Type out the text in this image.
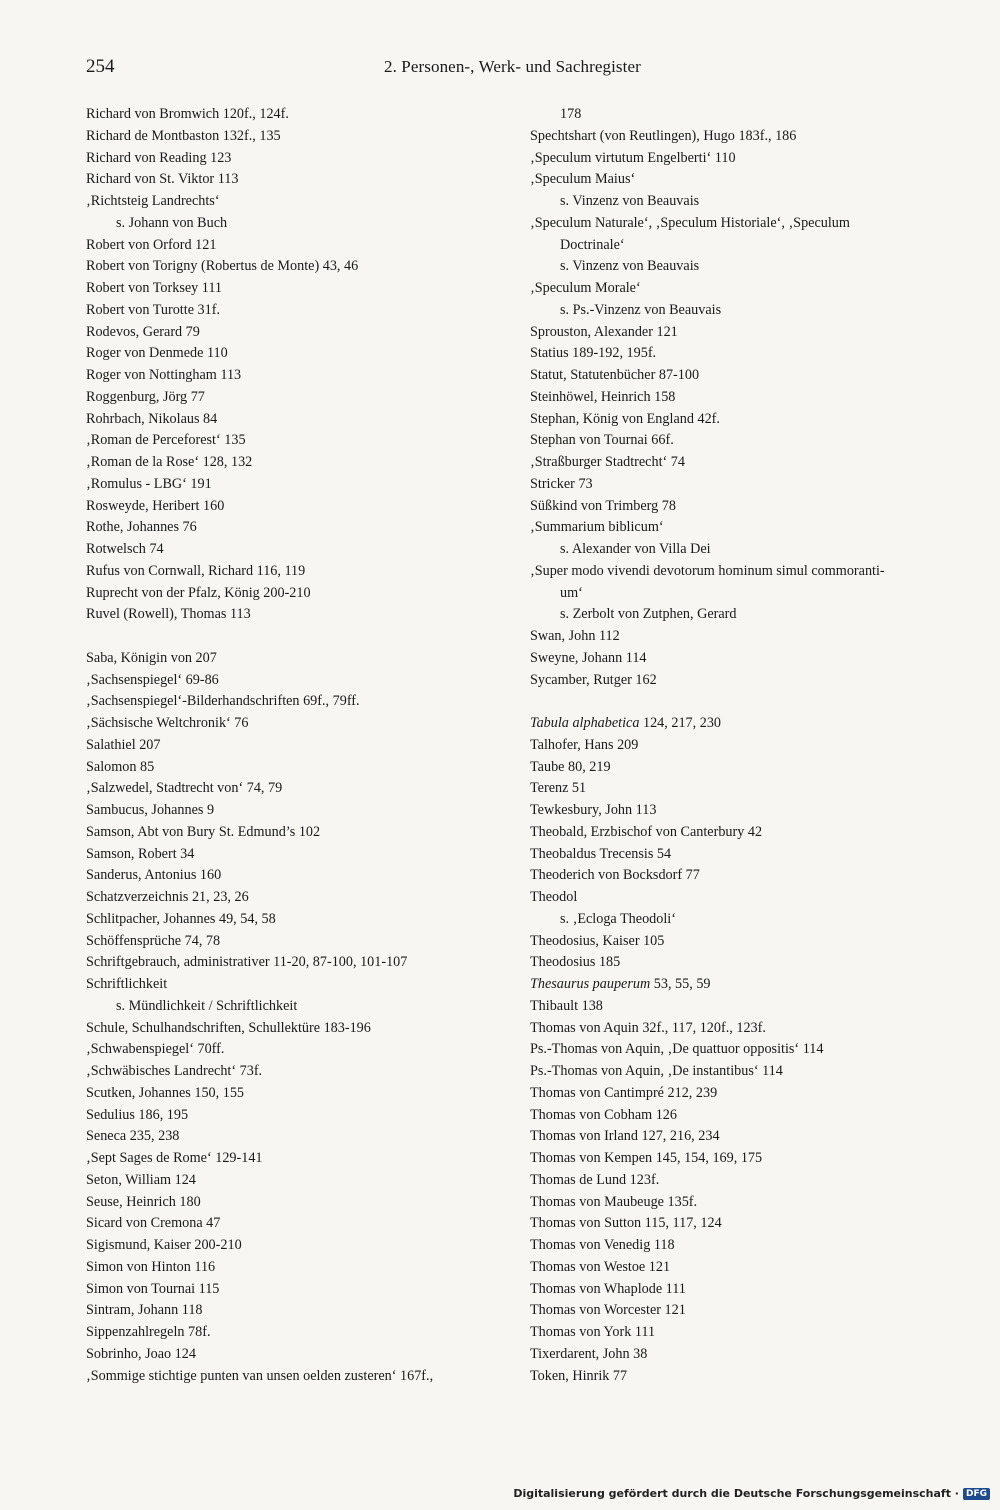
254	2. Personen-, Werk- und Sachregister
Richard von Bromwich 120f., 124f.
Richard de Montbaston 132f., 135
Richard von Reading 123
Richard von St. Viktor 113
‚Richtsteig Landrechts‘
s. Johann von Buch
Robert von Orford 121
Robert von Torigny (Robertus de Monte) 43, 46
Robert von Torksey 111
Robert von Turotte 31f.
Rodevos, Gerard 79
Roger von Denmede 110
Roger von Nottingham 113
Roggenburg, Jörg 77
Rohrbach, Nikolaus 84
‚Roman de Perceforest‘ 135
‚Roman de la Rose‘ 128, 132
‚Romulus - LBG‘ 191
Rosweyde, Heribert 160
Rothe, Johannes 76
Rotwelsch 74
Rufus von Cornwall, Richard 116, 119
Ruprecht von der Pfalz, König 200-210
Ruvel (Rowell), Thomas 113
Saba, Königin von 207
‚Sachsenspiegel‘ 69-86
‚Sachsenspiegel‘-Bilderhandschriften 69f., 79ff.
‚Sächsische Weltchronik‘ 76
Salathiel 207
Salomon 85
‚Salzwedel, Stadtrecht von‘ 74, 79
Sambucus, Johannes 9
Samson, Abt von Bury St. Edmund’s 102
Samson, Robert 34
Sanderus, Antonius 160
Schatzverzeichnis 21, 23, 26
Schlitpacher, Johannes 49, 54, 58
Schöffensprüche 74, 78
Schriftgebrauch, administrativer 11-20, 87-100, 101-107
Schriftlichkeit
s. Mündlichkeit / Schriftlichkeit
Schule, Schulhandschriften, Schullektüre 183-196
‚Schwabenspiegel‘ 70ff.
‚Schwäbisches Landrecht‘ 73f.
Scutken, Johannes 150, 155
Sedulius 186, 195
Seneca 235, 238
‚Sept Sages de Rome‘ 129-141
Seton, William 124
Seuse, Heinrich 180
Sicard von Cremona 47
Sigismund, Kaiser 200-210
Simon von Hinton 116
Simon von Tournai 115
Sintram, Johann 118
Sippenzahlregeln 78f.
Sobrinho, Joao 124
‚Sommige stichtige punten van unsen oelden zusteren‘ 167f.,
178
Spechtshart (von Reutlingen), Hugo 183f., 186
‚Speculum virtutum Engelberti‘ 110
‚Speculum Maius‘
s. Vinzenz von Beauvais
‚Speculum Naturale‘, ‚Speculum Historiale‘, ‚Speculum
Doctrinale‘
s. Vinzenz von Beauvais
‚Speculum Morale‘
s. Ps.-Vinzenz von Beauvais
Sprouston, Alexander 121
Statius 189-192, 195f.
Statut, Statutenbücher 87-100
Steinhöwel, Heinrich 158
Stephan, König von England 42f.
Stephan von Tournai 66f.
‚Straßburger Stadtrecht‘ 74
Stricker 73
Süßkind von Trimberg 78
‚Summarium biblicum‘
s. Alexander von Villa Dei
‚Super modo vivendi devotorum hominum simul commoranti-
um‘
s. Zerbolt von Zutphen, Gerard
Swan, John 112
Sweyne, Johann 114
Sycamber, Rutger 162
Tabula alphabetica 124, 217, 230
Talhofer, Hans 209
Taube 80, 219
Terenz 51
Tewkesbury, John 113
Theobald, Erzbischof von Canterbury 42
Theobaldus Trecensis 54
Theoderich von Bocksdorf 77
Theodol
s. ‚Ecloga Theodoli‘
Theodosius, Kaiser 105
Theodosius 185
Thesaurus pauperum 53, 55, 59
Thibault 138
Thomas von Aquin 32f., 117, 120f., 123f.
Ps.-Thomas von Aquin, ‚De quattuor oppositis‘ 114
Ps.-Thomas von Aquin, ‚De instantibus‘ 114
Thomas von Cantimpré 212, 239
Thomas von Cobham 126
Thomas von Irland 127, 216, 234
Thomas von Kempen 145, 154, 169, 175
Thomas de Lund 123f.
Thomas von Maubeuge 135f.
Thomas von Sutton 115, 117, 124
Thomas von Venedig 118
Thomas von Westoe 121
Thomas von Whaplode 111
Thomas von Worcester 121
Thomas von York 111
Tixerdarent, John 38
Token, Hinrik 77
Digitalisierung gefördert durch die Deutsche Forschungsgemeinschaft · DFG
